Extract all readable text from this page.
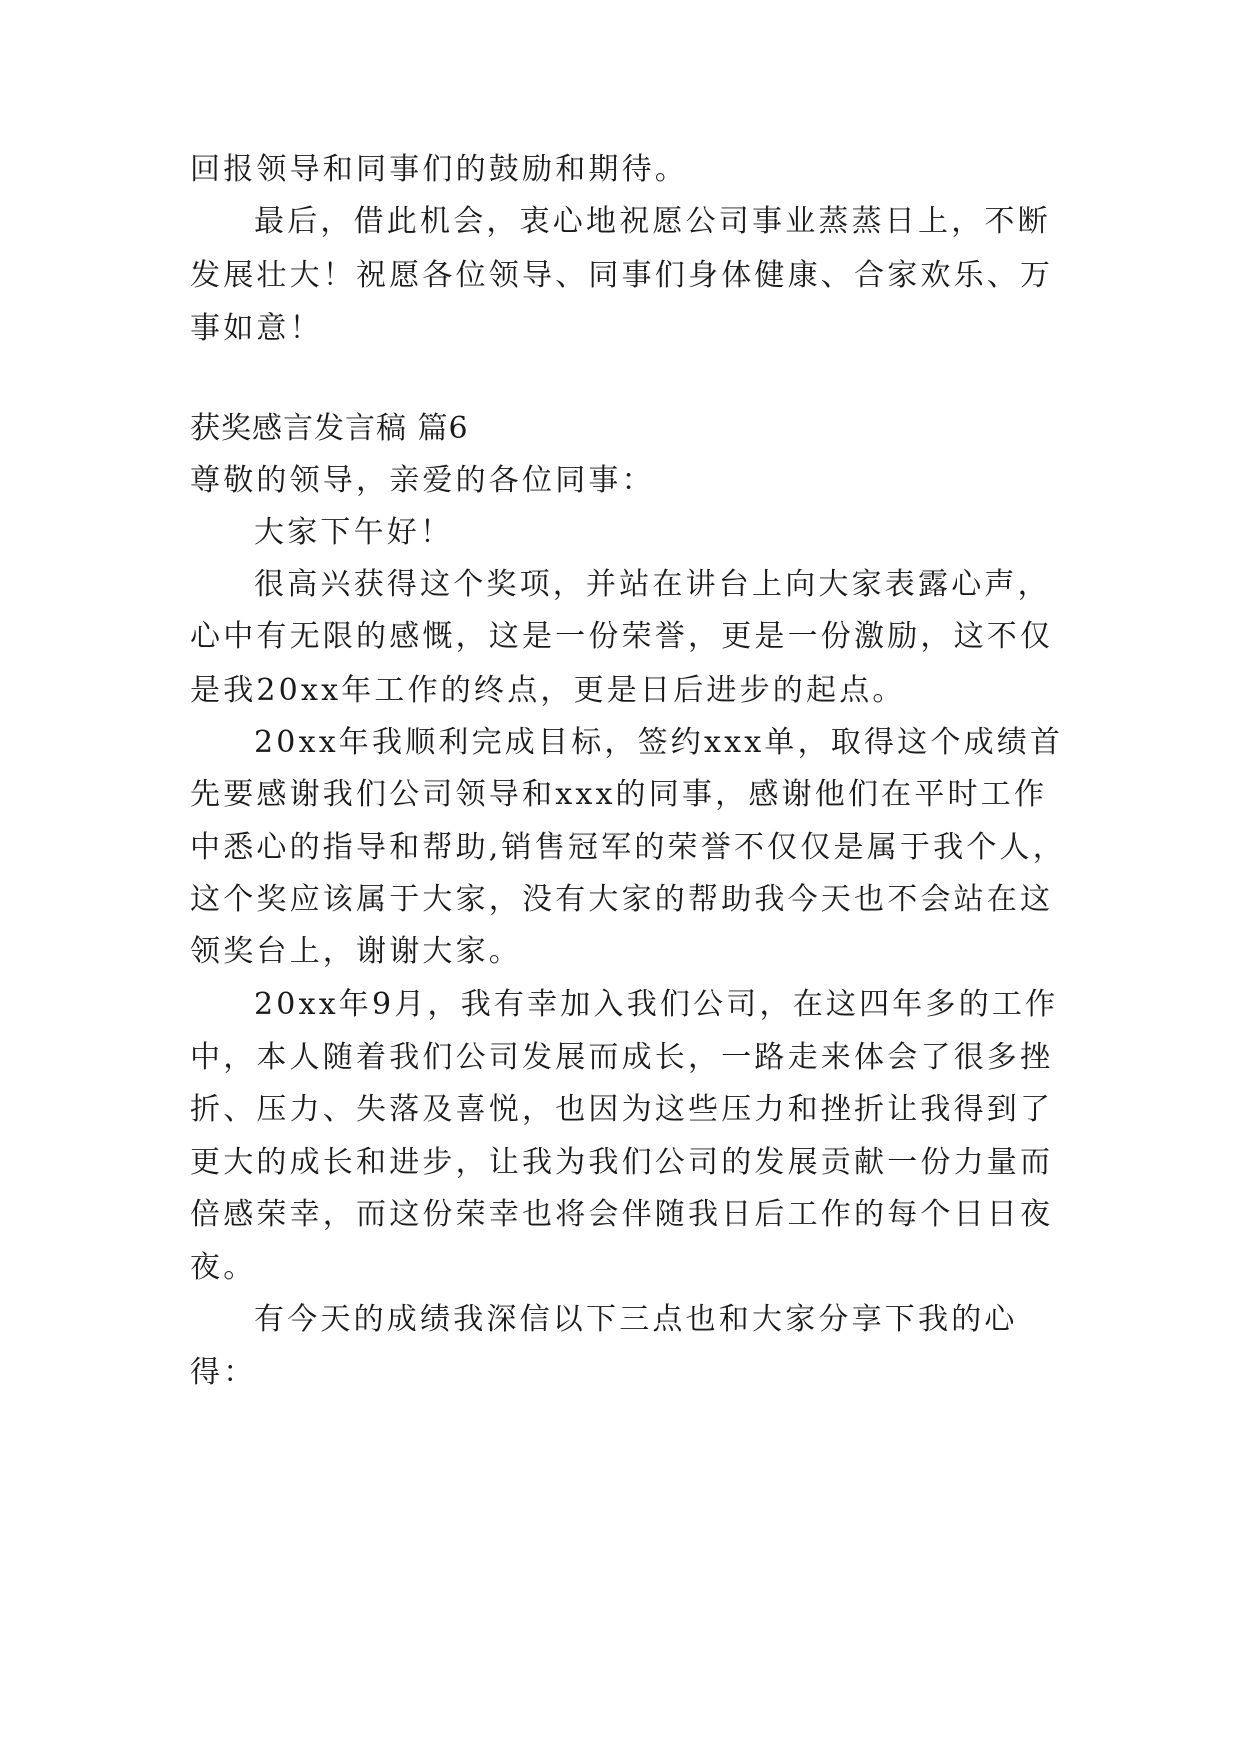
回报领导和同事们的鼓励和期待。
最后，借此机会，衷心地祝愿公司事业蒸蒸日上，不断
发展壮大！祝愿各位领导、同事们身体健康、合家欢乐、万
事如意！
获奖感言发言稿 篇6
尊敬的领导，亲爱的各位同事：
大家下午好！
很高兴获得这个奖项，并站在讲台上向大家表露心声，
心中有无限的感慨，这是一份荣誉，更是一份激励，这不仅
是我20xx年工作的终点，更是日后进步的起点。
20xx年我顺利完成目标，签约xxx单，取得这个成绩首
先要感谢我们公司领导和xxx的同事，感谢他们在平时工作
中悉心的指导和帮助,销售冠军的荣誉不仅仅是属于我个人，
这个奖应该属于大家，没有大家的帮助我今天也不会站在这
领奖台上，谢谢大家。
20xx年9月，我有幸加入我们公司，在这四年多的工作
中，本人随着我们公司发展而成长，一路走来体会了很多挫
折、压力、失落及喜悦，也因为这些压力和挫折让我得到了
更大的成长和进步，让我为我们公司的发展贡献一份力量而
倍感荣幸，而这份荣幸也将会伴随我日后工作的每个日日夜
夜。
有今天的成绩我深信以下三点也和大家分享下我的心
得：
